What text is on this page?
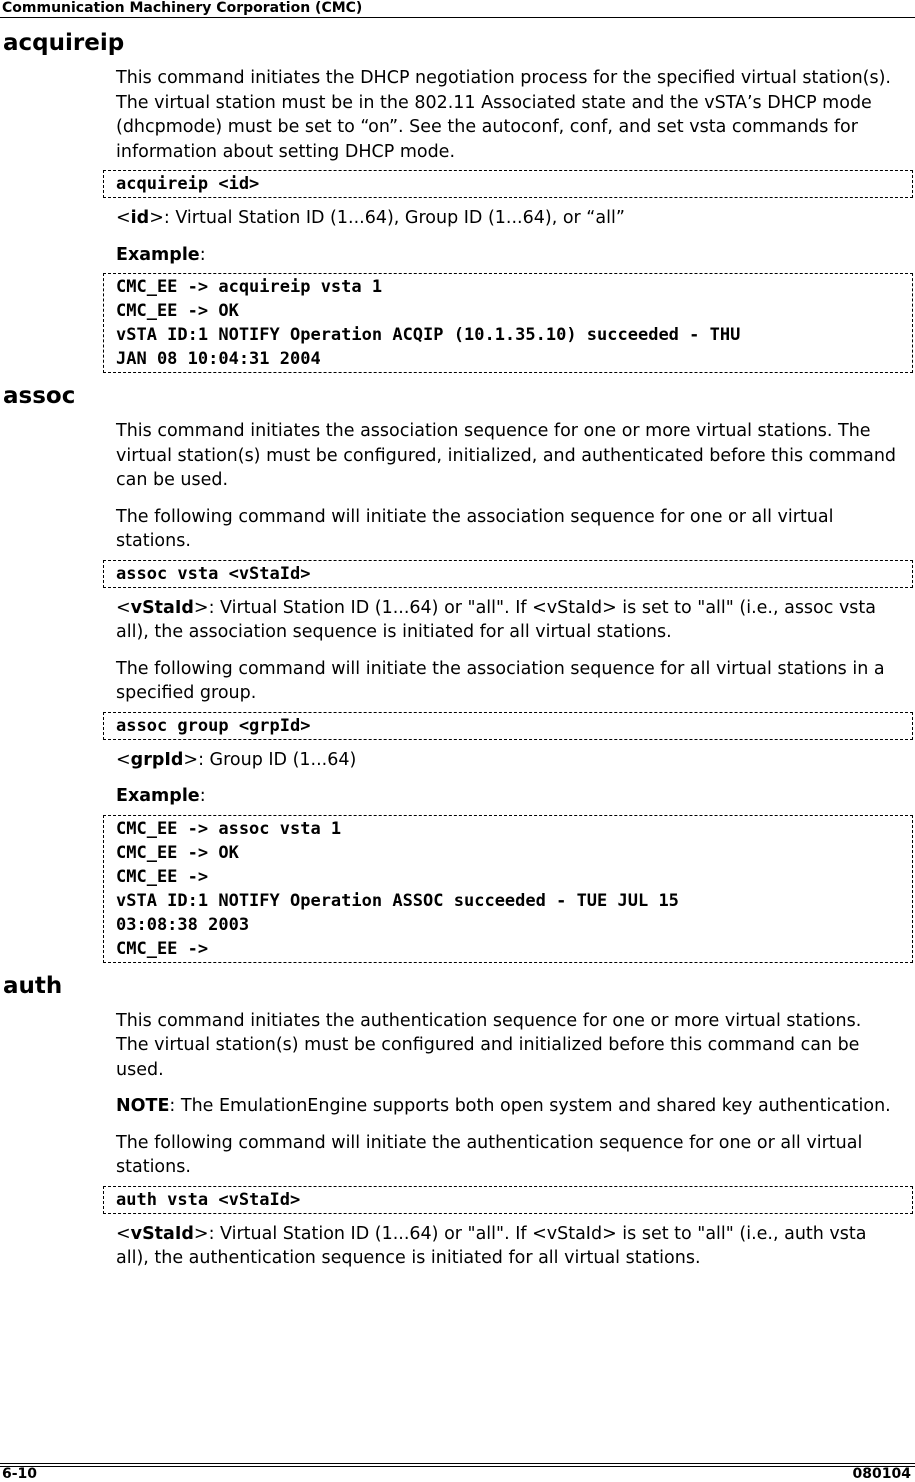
Communication Machinery Corporation (CMC)
acquireip

This command initiates the DHCP negotiation process for the specified virtual station(s). The virtual station must be in the 802.11 Associated state and the vSTA’s DHCP mode (dhcpmode) must be set to “on”. See the autoconf, conf, and set vsta commands for information about setting DHCP mode.

acquireip <id>

<id>: Virtual Station ID (1...64), Group ID (1...64), or “all”

Example:

CMC_EE -> acquireip vsta 1
CMC_EE -> OK
vSTA ID:1 NOTIFY Operation ACQIP (10.1.35.10) succeeded - THU
JAN 08 10:04:31 2004
assoc

This command initiates the association sequence for one or more virtual stations. The virtual station(s) must be configured, initialized, and authenticated before this command can be used.

The following command will initiate the association sequence for one or all virtual stations.

assoc vsta <vStaId>

<vStaId>: Virtual Station ID (1...64) or "all". If <vStaId> is set to "all" (i.e., assoc vsta all), the association sequence is initiated for all virtual stations.

The following command will initiate the association sequence for all virtual stations in a specified group.

assoc group <grpId>

<grpId>: Group ID (1...64)

Example:

CMC_EE -> assoc vsta 1
CMC_EE -> OK
CMC_EE ->
vSTA ID:1 NOTIFY Operation ASSOC succeeded - TUE JUL 15
03:08:38 2003
CMC_EE ->
auth

This command initiates the authentication sequence for one or more virtual stations. The virtual station(s) must be configured and initialized before this command can be used.

NOTE: The EmulationEngine supports both open system and shared key authentication.

The following command will initiate the authentication sequence for one or all virtual stations.

auth vsta <vStaId>

<vStaId>: Virtual Station ID (1...64) or "all". If <vStaId> is set to "all" (i.e., auth vsta all), the authentication sequence is initiated for all virtual stations.

6-10	080104
